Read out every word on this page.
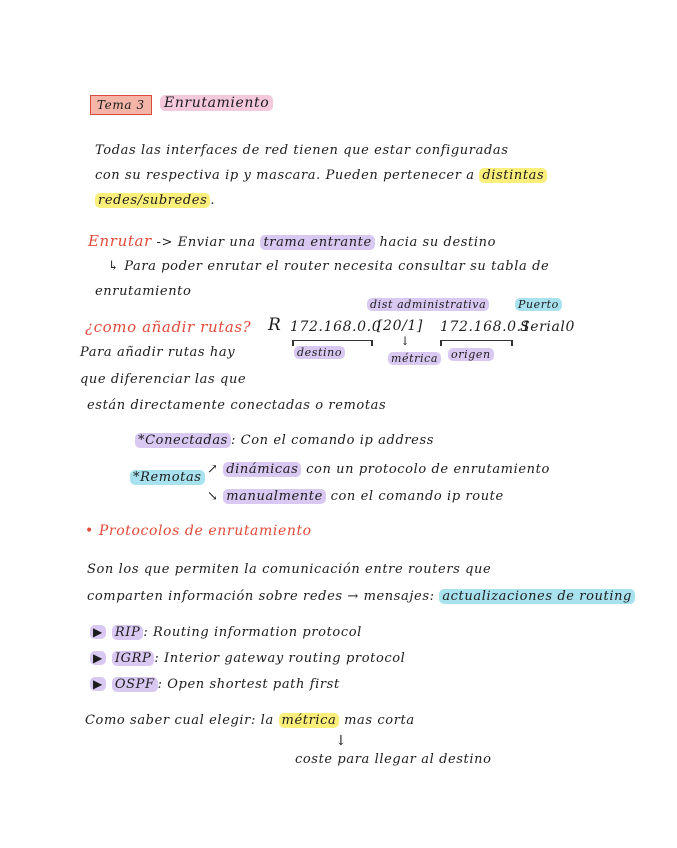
Tema 3	Enrutamiento
Todas las interfaces de red tienen que estar configuradas
con su respectiva ip y mascara. Pueden pertenecer a distintas
redes/subredes .
Enrutar -> Enviar una trama entrante hacia su destino
↳ Para poder enrutar el router necesita consultar su tabla de
enrutamiento
dist administrativa	Puerto
¿como añadir rutas? R 172.168.0.0
[20/1] 172.168.0.1
Serial0
↓
destino	métrica origen
Para añadir rutas hay
que diferenciar las que
están directamente conectadas o remotas
*Conectadas : Con el comando ip address
*Remotas
↗ dinámicas con un protocolo de enrutamiento
↘ manualmente con el comando ip route
• Protocolos de enrutamiento
Son los que permiten la comunicación entre routers que
comparten información sobre redes → mensajes: actualizaciones de routing
▶ RIP : Routing information protocol
▶ IGRP : Interior gateway routing protocol
▶ OSPF : Open shortest path first
Como saber cual elegir: la métrica mas corta
↓
coste para llegar al destino
